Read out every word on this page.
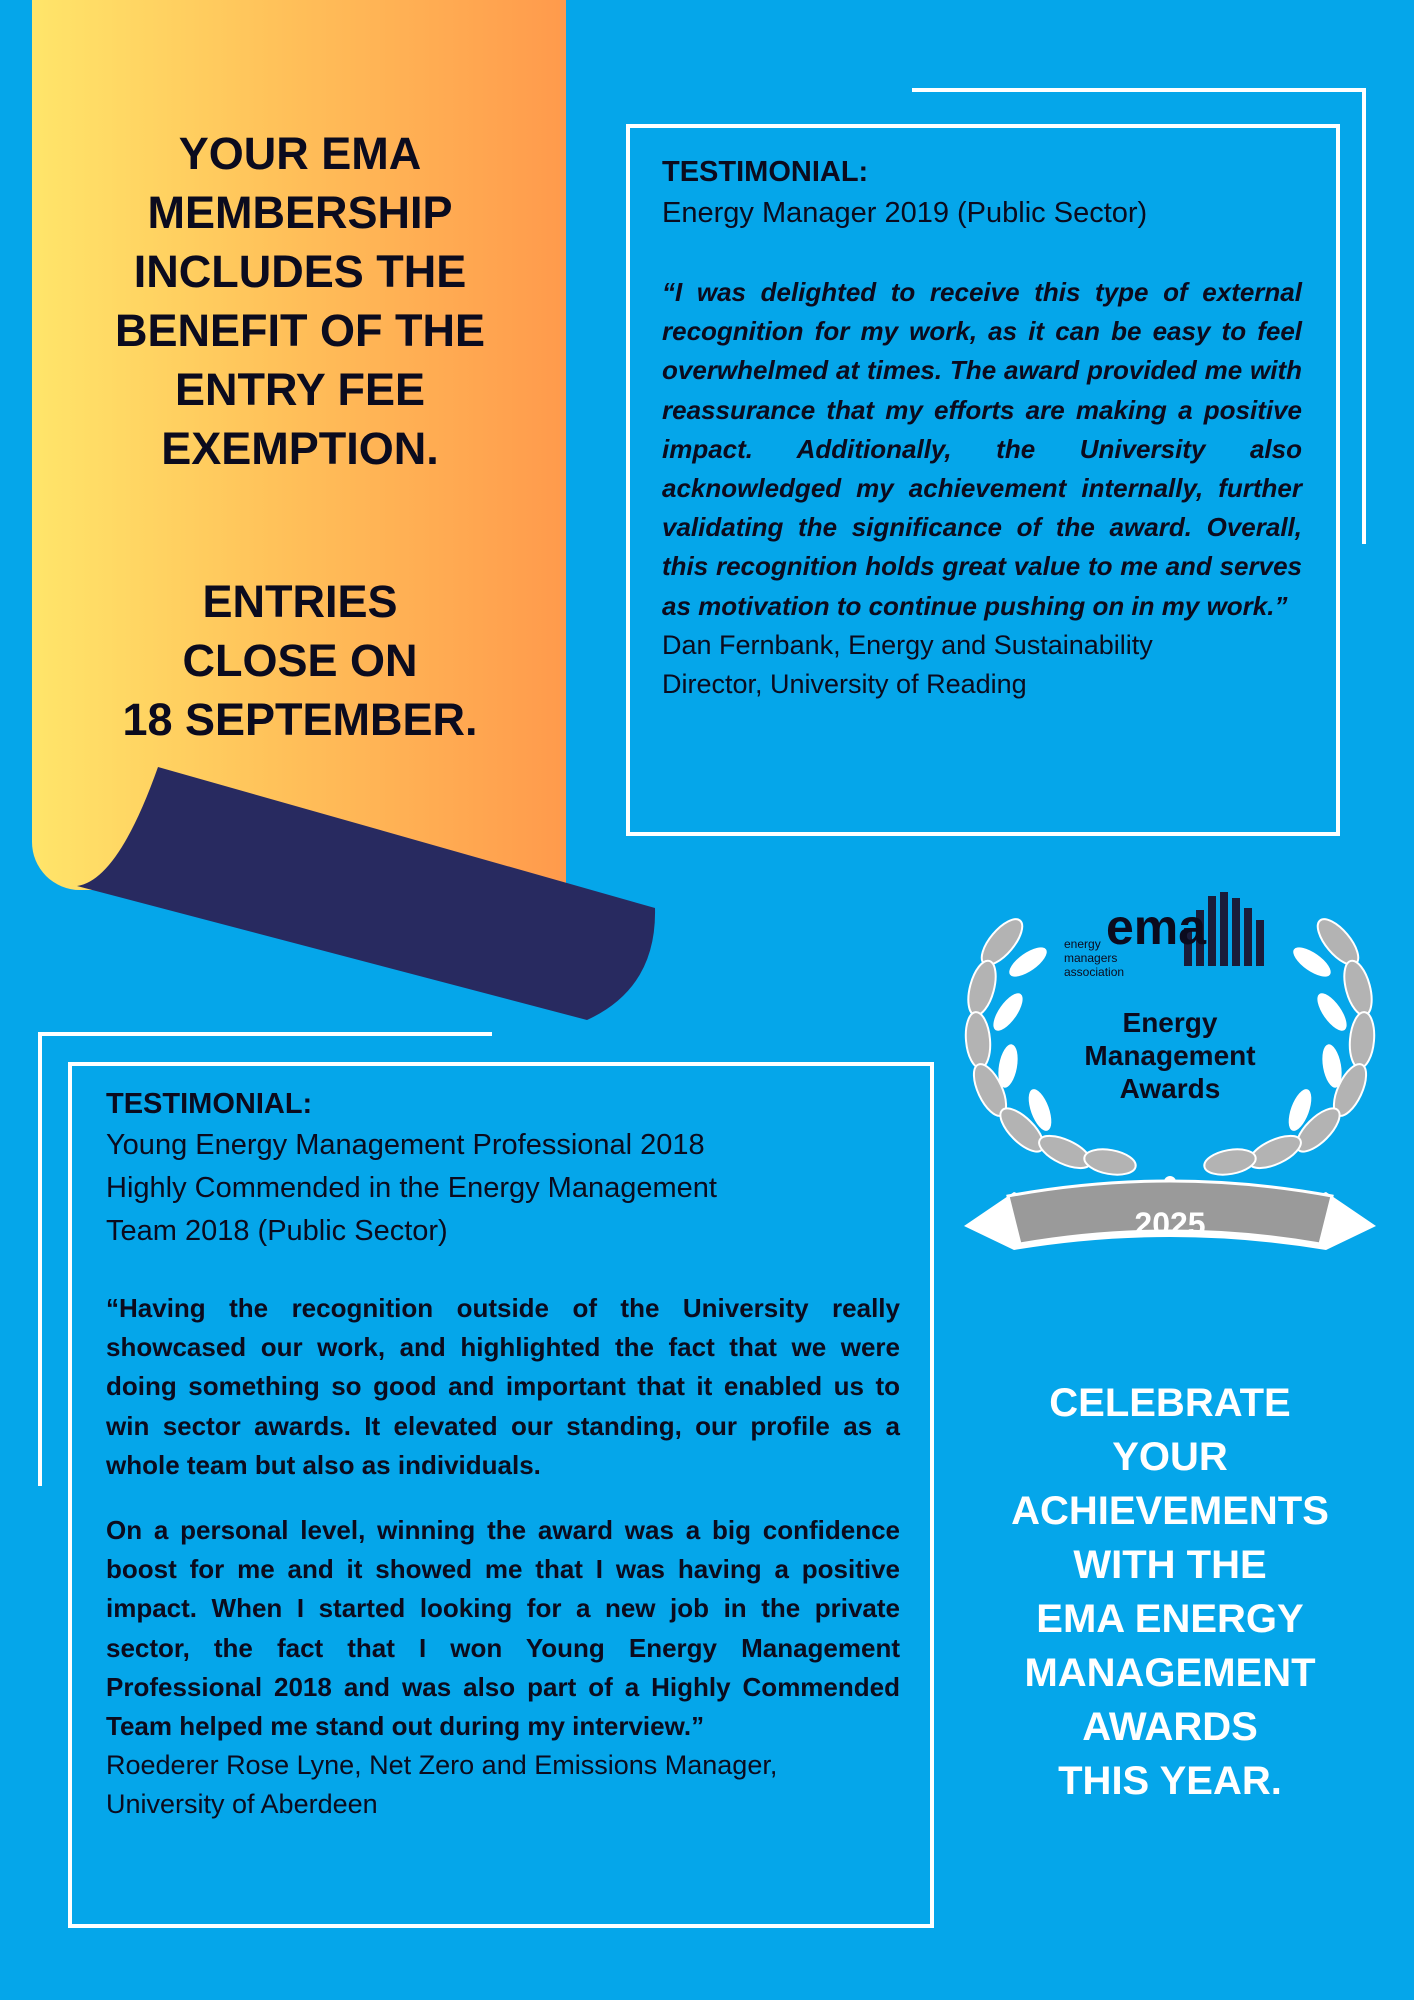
YOUR EMA
MEMBERSHIP
INCLUDES THE
BENEFIT OF THE
ENTRY FEE
EXEMPTION.
ENTRIES
CLOSE ON
18 SEPTEMBER.

TESTIMONIAL:

Energy Manager 2019 (Public Sector)

“I was delighted to receive this type of external recognition for my work, as it can be easy to feel overwhelmed at times. The award provided me with reassurance that my efforts are making a positive impact. Additionally, the University also acknowledged my achievement internally, further validating the significance of the award. Overall, this recognition holds great value to me and serves as motivation to continue pushing on in my work.”

Dan Fernbank, Energy and Sustainability
Director, University of Reading

ema
energy
managers
association
Energy
Management
Awards
2025

TESTIMONIAL:

Young Energy Management Professional 2018
Highly Commended in the Energy Management
Team 2018 (Public Sector)

“Having the recognition outside of the University really showcased our work, and highlighted the fact that we were doing something so good and important that it enabled us to win sector awards. It elevated our standing, our profile as a whole team but also as individuals.

On a personal level, winning the award was a big confidence boost for me and it showed me that I was having a positive impact. When I started looking for a new job in the private sector, the fact that I won Young Energy Management Professional 2018 and was also part of a Highly Commended Team helped me stand out during my interview.”

Roederer Rose Lyne, Net Zero and Emissions Manager,
University of Aberdeen

CELEBRATE
YOUR
ACHIEVEMENTS
WITH THE
EMA ENERGY
MANAGEMENT
AWARDS
THIS YEAR.
